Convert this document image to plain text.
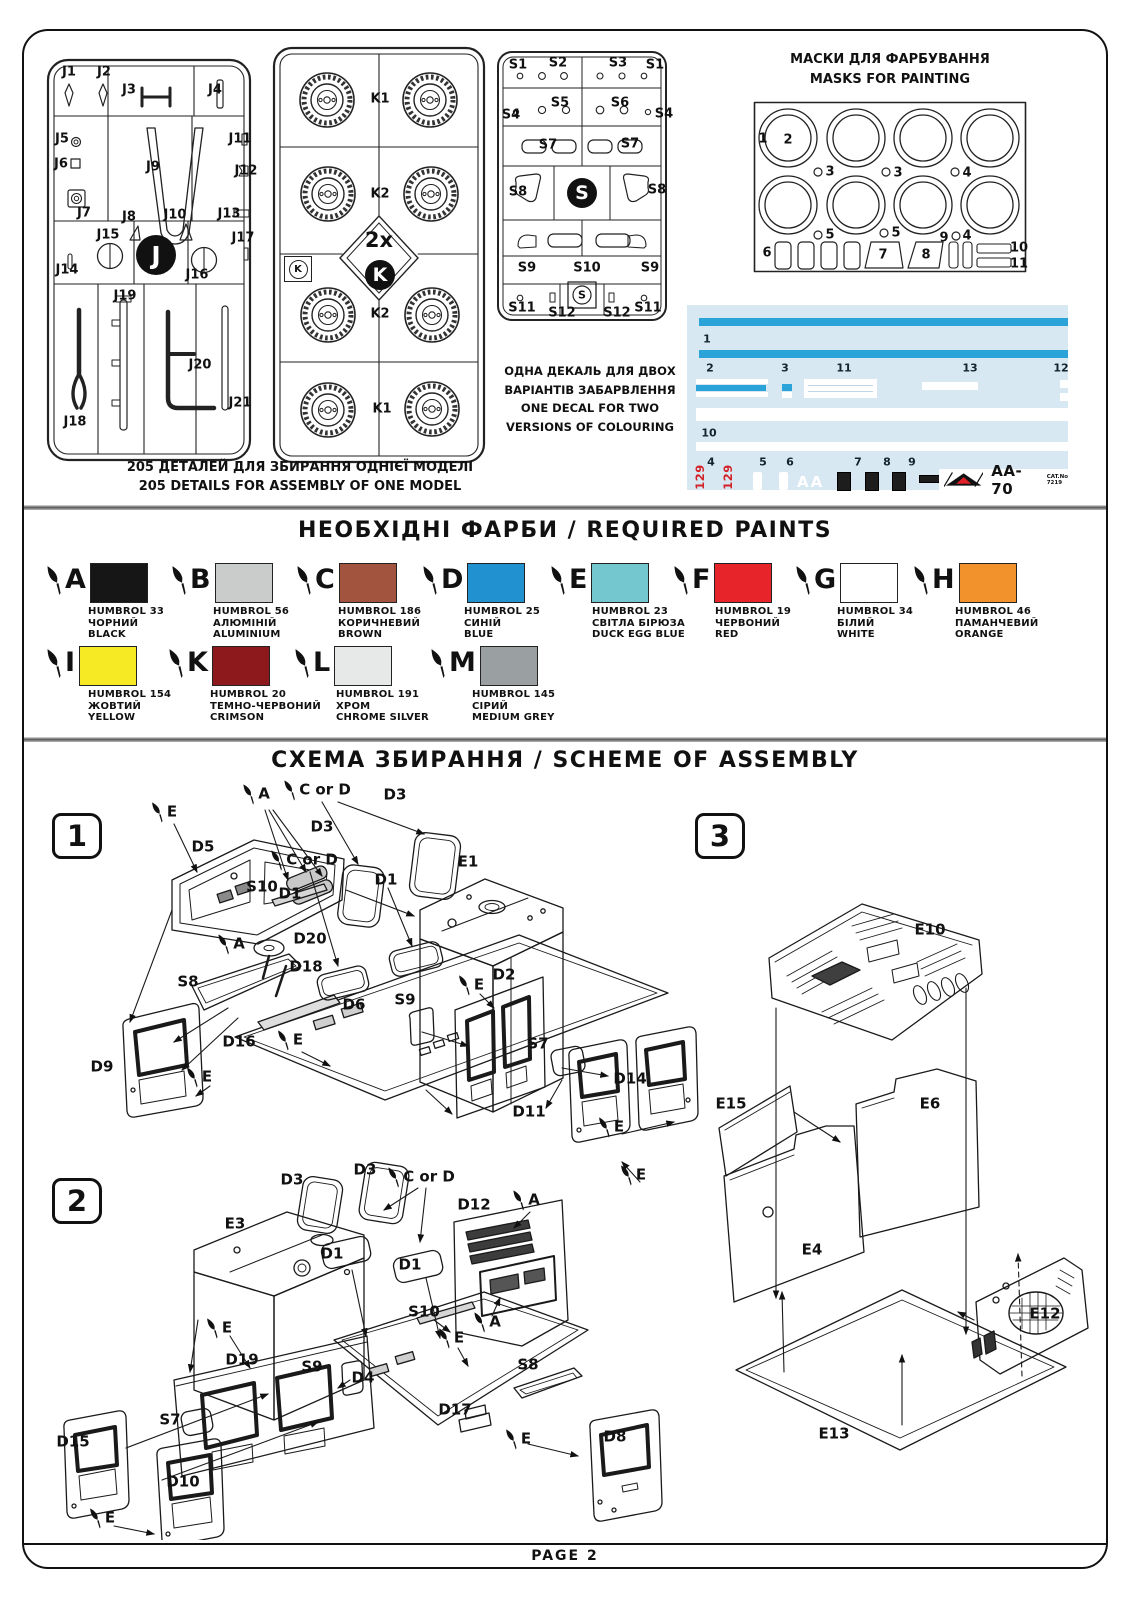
J1 J2
J3	J4
J5
J6
J7 J8
J9
J10
J11
J12
J13
J14
J15
J16
J17
J18
J19
J20
J21
J
K1
K2
K2
K1
2x
K
K
S1 S2	S3 S1
S4
S5	S6
S4
S7	S7
S8	S8
S9	S10	S9
S11 S12 S12 S11
S
S
МАСКИ ДЛЯ ФАРБУВАННЯ
MASKS FOR PAINTING
1 2
3	3	4
5	5	9 4
6	7	8	10
11
AA
AA-70
CAT.No
7219
1
2	3	11	13	12
10
4	5 6	7 8 9
129 129
ОДНА ДЕКАЛЬ ДЛЯ ДВОХ
ВАРІАНТІВ ЗАБАРВЛЕННЯ
ONE DECAL FOR TWO
VERSIONS OF COLOURING
205 ДЕТАЛЕЙ ДЛЯ ЗБИРАННЯ ОДНІЄЇ МОДЕЛІ
205 DETAILS FOR ASSEMBLY OF ONE MODEL
НЕОБХІДНІ ФАРБИ / REQUIRED PAINTS
A
HUMBROL 33
ЧОРНИЙ
BLACK
B
HUMBROL 56
АЛЮМІНІЙ
ALUMINIUM
C
HUMBROL 186
КОРИЧНЕВИЙ
BROWN
D
HUMBROL 25
СИНІЙ
BLUE
E
HUMBROL 23
СВІТЛА БІРЮЗА
DUCK EGG BLUE
F
HUMBROL 19
ЧЕРВОНИЙ
RED
G
HUMBROL 34
БІЛИЙ
WHITE
H
HUMBROL 46
ПАМАНЧЕВИЙ
ORANGE
I
HUMBROL 154
ЖОВТИЙ
YELLOW
K
HUMBROL 20
ТЕМНО-ЧЕРВОНИЙ
CRIMSON
L
HUMBROL 191
ХРОМ
CHROME SILVER
M
HUMBROL 145
СІРИЙ
MEDIUM GREY
СХЕМА ЗБИРАННЯ / SCHEME OF ASSEMBLY
E
A C or D
D3
D3
D5
C or D
D1
D1
E1
S10
A	D20
D18
S8	D2
E
S9
D6
D16 E
D9
E
S7
D14
D11
E
D3
D3 C or D
E3
D12	A
D1
D1
S10
A
E
D19	S9
D4
E
S7
D15
D10
E
D17
S8
D8
E
E
E10
E15	E6
E4
E12
E13
1
2
3
PAGE 2
